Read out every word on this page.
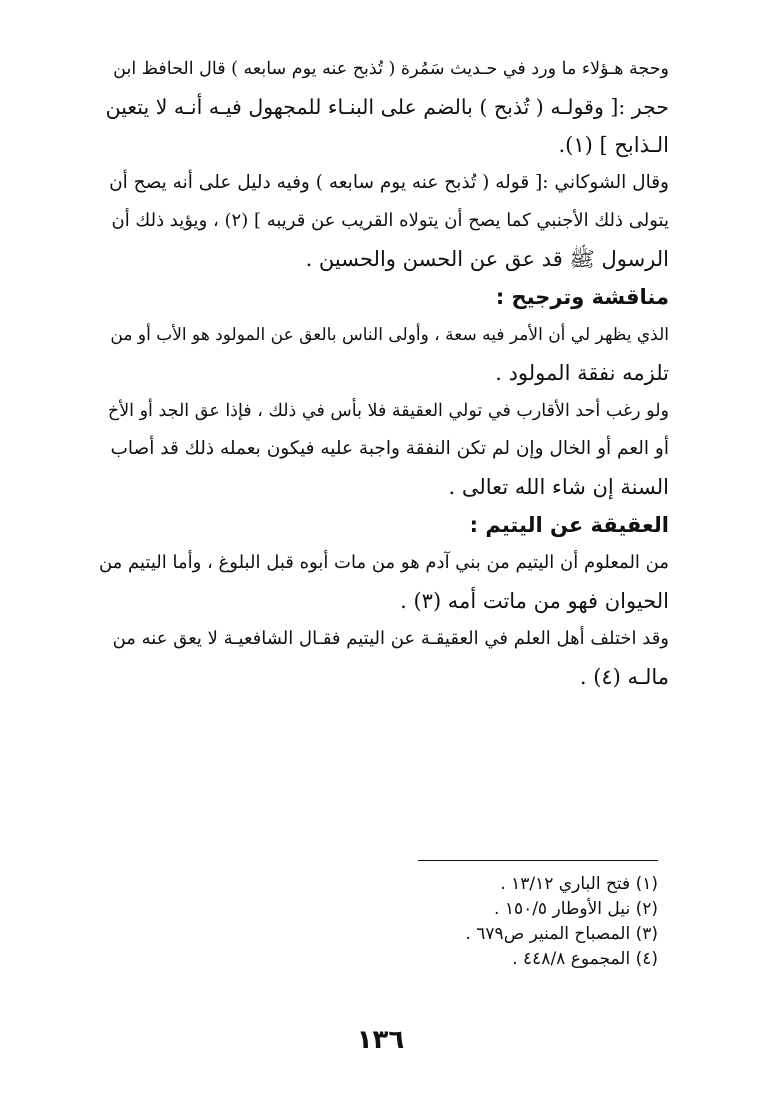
وحجة هـؤلاء ما ورد في حـديث سَمُرة ( تُذبح عنه يوم سابعه ) قال الحافظ ابن
حجر :[ وقولـه ( تُذبح ) بالضم على البنـاء للمجهول فيـه أنـه لا يتعين
الـذابح ] (١).

وقال الشوكاني :[ قوله ( تُذبح عنه يوم سابعه ) وفيه دليل على أنه يصح أن
يتولى ذلك الأجنبي كما يصح أن يتولاه القريب عن قريبه ] (٢) ، ويؤيد ذلك أن
الرسول ﷺ قد عق عن الحسن والحسين .

مناقشة وترجيح :

الذي يظهر لي أن الأمر فيه سعة ، وأولى الناس بالعق عن المولود هو الأب أو من
تلزمه نفقة المولود .

ولو رغب أحد الأقارب في تولي العقيقة فلا بأس في ذلك ، فإذا عق الجد أو الأخ
أو العم أو الخال وإن لم تكن النفقة واجبة عليه فيكون بعمله ذلك قد أصاب
السنة إن شاء الله تعالى .

العقيقة عن اليتيم :

من المعلوم أن اليتيم من بني آدم هو من مات أبوه قبل البلوغ ، وأما اليتيم من
الحيوان فهو من ماتت أمه (٣) .

وقد اختلف أهل العلم في العقيقـة عن اليتيم فقـال الشافعيـة لا يعق عنه من
مالـه (٤) .

(١) فتح الباري ١٣/١٢ .

(٢) نيل الأوطار ١٥٠/٥ .

(٣) المصباح المنير ص٦٧٩ .

(٤) المجموع ٤٤٨/٨ .

١٣٦
